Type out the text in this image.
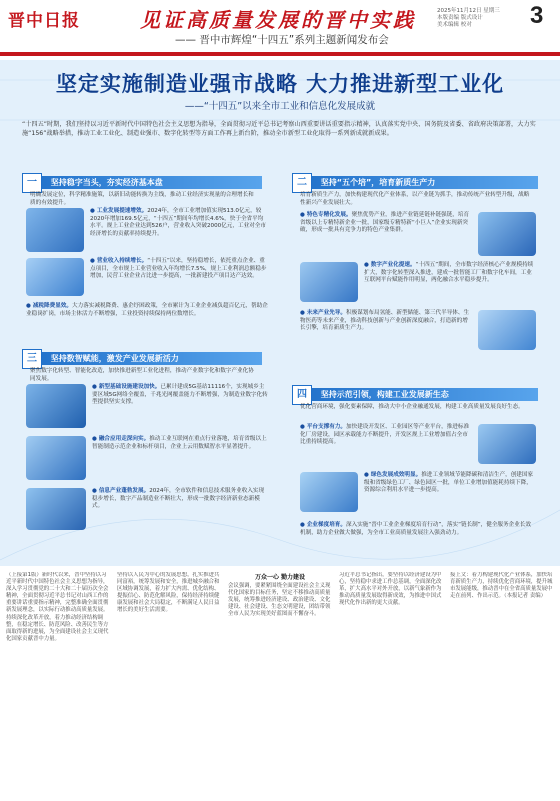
晋中日报	见证高质量发展的晋中实践
—— 晋中市辉煌“十四五”系列主题新闻发布会
2025年11月12日 星期三
本版责编 版式设计
美术编辑 校对	3
坚定实施制造业强市战略 大力推进新型工业化
——“十四五”以来全市工业和信息化发展成就
“十四五”时期，我们坚持以习近平新时代中国特色社会主义思想为指导，全面贯彻习近平总书记考察山西重要讲话重要指示精神，认真落实党中央、国务院及省委、省政府决策部署，大力实施“156”战略举措，推动工业工业化、制造业强市、数字化转型等方面工作再上新台阶，推动全市新型工业化取得一系列新成就新成果。
一 坚持稳字当头，夯实经济基本盘
明确发展定位，科学精准施策，以新旧动能转换为主线，推动工业经济实现量的合理增长和质的有效提升。
● 工业发展提速增效。2024年，全市工业增加值实现513.0亿元，较2020年增加169.5亿元，“十四五”期间年均增长4.6%，快于全省平均水平。规上工业企业达到526户，营业收入突破2000亿元，工业对全市经济增长的贡献率持续提升。
● 营业收入持续增长。“十四五”以来，坚持稳增长，依托重点企业、重点项目，全市规上工业营业收入年均增长7.5%，规上工业利润总额稳步增加，民营工业企业占比进一步提高，一批新建投产项目达产达效。
● 减税降费显效。大力落实减税降费、惠企纾困政策，全市累计为工业企业减负超百亿元，帮助企业稳岗扩岗，市场主体活力不断增强，工业投资持续保持两位数增长。
二 坚持“五个培”，培育新质生产力
培育新质生产力，加快构建现代化产业体系，以产业链为抓手，推动传统产业转型升级，战略性新兴产业发展壮大。
● 特色专精化发展。聚焦优势产业，推进产业链延链补链强链，培育省级以上专精特新企业一批，国家级专精特新“小巨人”企业实现新突破，形成一批具有竞争力的特色产业集群。
● 数字产业化提速。“十四五”期间，全市数字经济核心产业规模持续扩大，数字化转型深入推进，建成一批智能工厂和数字化车间，工业互联网平台赋能作用明显，两化融合水平稳步提升。
● 未来产业先导。积极谋划布局氢能、新型储能、第三代半导体、生物医药等未来产业，推动科技创新与产业创新深度融合，打造新的增长引擎，培育新质生产力。
三 坚持数智赋能，激发产业发展新活力
聚焦数字化转型、智能化改造，加快推进新型工业化进程，推动产业数字化和数字产业化协同发展。
● 新型基础设施建设加快。已累计建成5G基站11116个，实现城乡主要区域5G网络全覆盖，千兆光网覆盖能力不断增强，为制造业数字化转型提供坚实支撑。
● 融合应用走深向实。推动工业互联网在重点行业落地，培育省级以上智能制造示范企业和标杆项目，企业上云用数赋智水平显著提升。
● 信息产业蓬勃发展。2024年，全市软件和信息技术服务业收入实现稳步增长，数字产品制造业不断壮大，形成一批数字经济新业态新模式。
四 坚持示范引领，构建工业发展新生态
优化营商环境，强化要素保障，推动大中小企业融通发展，构建工业高质量发展良好生态。
● 平台支撑有力。加快建设开发区、工业园区等产业平台，推进标准化厂房建设，园区承载能力不断提升，开发区规上工业增加值占全市比重持续提高。
● 绿色发展成效明显。推进工业领域节能降碳和清洁生产，创建国家级和省级绿色工厂、绿色园区一批，单位工业增加值能耗持续下降，资源综合利用水平进一步提高。
● 企业梯度培育。深入实施“晋中工业企业梯度培育行动”，落实“链长制”，健全服务企业长效机制，助力企业做大做强，为全市工业高质量发展注入强劲动力。
（上接第1版）新时代以来，晋中坚持以习近平新时代中国特色社会主义思想为指导，深入学习贯彻党的二十大和二十届历次全会精神，全面贯彻习近平总书记对山西工作的重要讲话重要指示精神，完整准确全面贯彻新发展理念，以实际行动推动高质量发展。持续深化改革开放，着力推动经济结构调整，在稳定增长、防范风险、改善民生等方面取得新的进展，为全面建设社会主义现代化国家贡献晋中力量。
坚持以人民为中心的发展思想，扎实推进共同富裕，统筹发展和安全，推进城乡融合和区域协调发展，着力扩大内需、优化结构、提振信心、防范化解风险，保持经济持续健康发展和社会大局稳定，不断满足人民日益增长的美好生活需要。
万众一心 勠力建设
会议强调，要紧紧围绕全面建设社会主义现代化国家的目标任务，坚定不移推动高质量发展，统筹推进经济建设、政治建设、文化建设、社会建设、生态文明建设，团结带领全市人民为实现美好蓝图而不懈奋斗。
习近平总书记指出，要坚持以经济建设为中心，坚持稳中求进工作总基调，全面深化改革，扩大高水平对外开放，以新气象新作为推动高质量发展取得新成效，为推进中国式现代化作出新的更大贡献。
接上文：着力构建现代化产业体系，加快培育新质生产力，持续优化营商环境，提升城市发展能级，推动晋中在全省高质量发展中走在前列、作出示范。（本报记者 责编）
